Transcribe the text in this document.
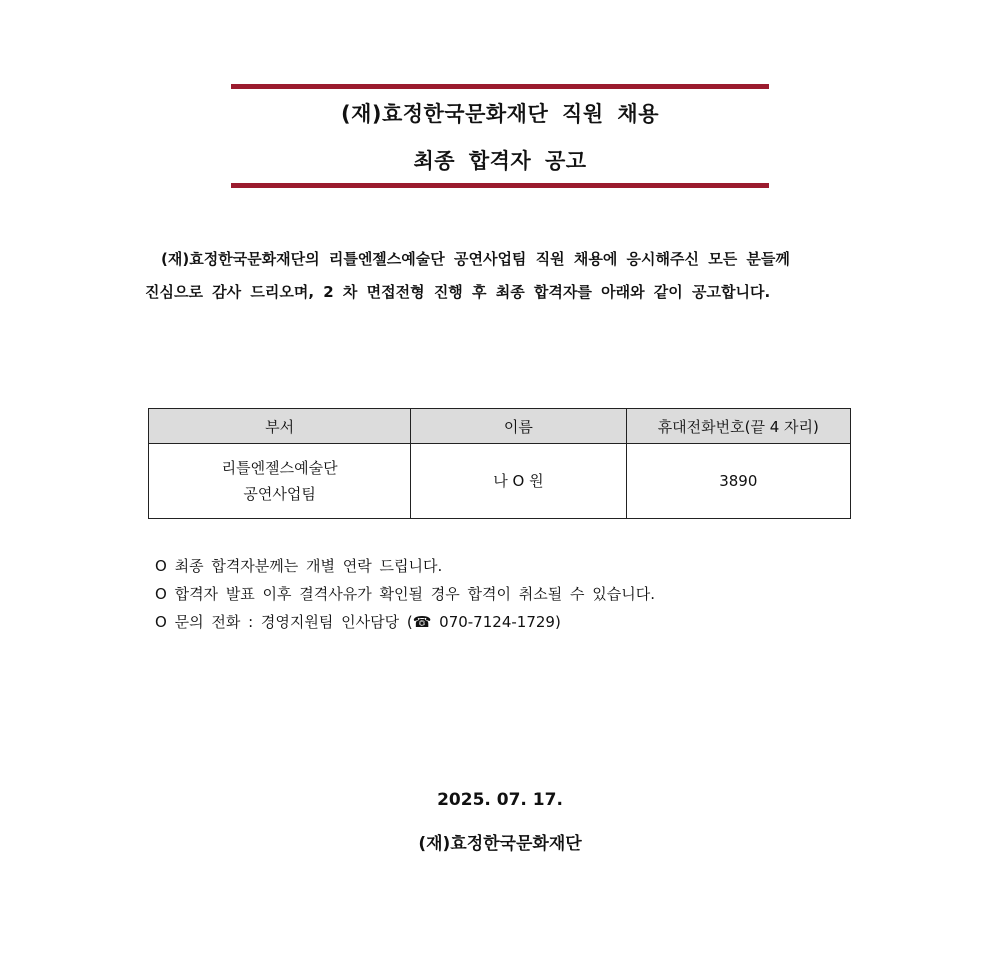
(재)효정한국문화재단 직원 채용
최종 합격자 공고

(재)효정한국문화재단의 리틀엔젤스예술단 공연사업팀 직원 채용에 응시해주신 모든 분들께

진심으로 감사 드리오며, 2 차 면접전형 진행 후 최종 합격자를 아래와 같이 공고합니다.

부서	이름	휴대전화번호(끝 4 자리)

리틀엔젤스예술단
공연사업팀	나 O 원	3890

O 최종 합격자분께는 개별 연락 드립니다.

O 합격자 발표 이후 결격사유가 확인될 경우 합격이 취소될 수 있습니다.

O 문의 전화 : 경영지원팀 인사담당 (☎ 070-7124-1729)

2025. 07. 17.
(재)효정한국문화재단
